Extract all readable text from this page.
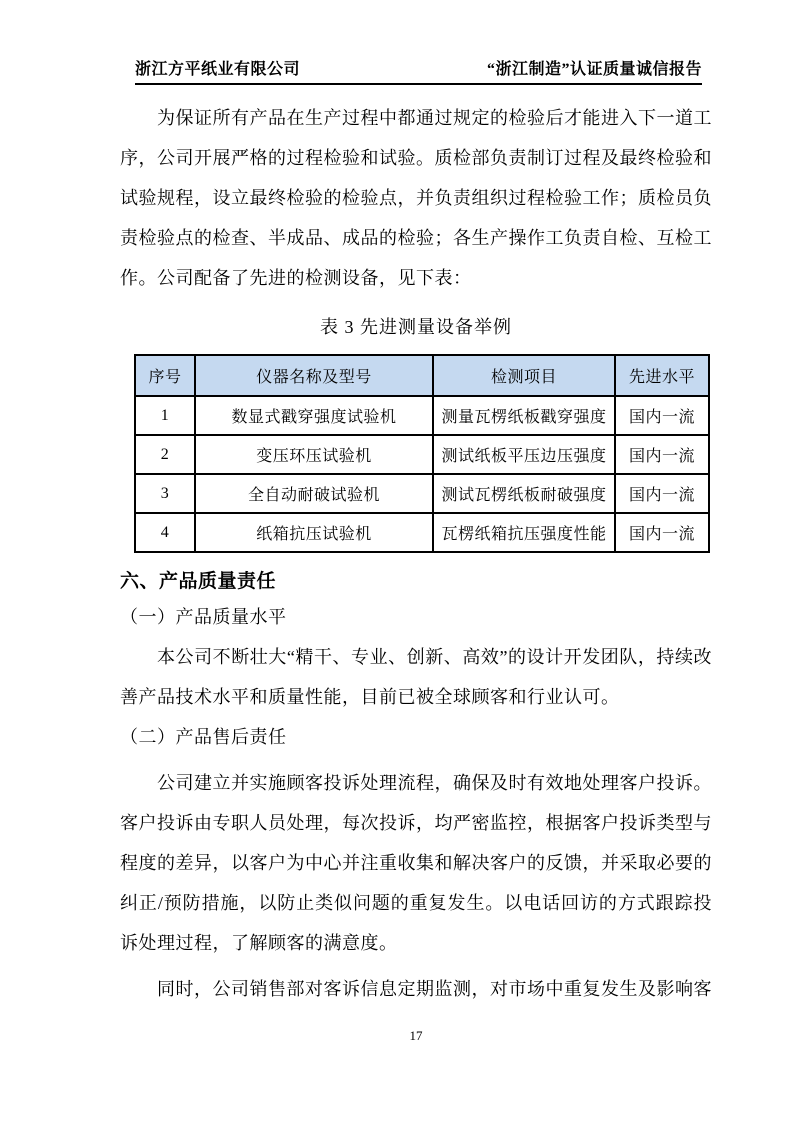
浙江方平纸业有限公司	“浙江制造”认证质量诚信报告

为保证所有产品在生产过程中都通过规定的检验后才能进入下一道工序，公司开展严格的过程检验和试验。质检部负责制订过程及最终检验和试验规程，设立最终检验的检验点，并负责组织过程检验工作；质检员负责检验点的检查、半成品、成品的检验；各生产操作工负责自检、互检工作。公司配备了先进的检测设备，见下表：

表 3 先进测量设备举例
序号	仪器名称及型号	检测项目	先进水平
1	数显式戳穿强度试验机	测量瓦楞纸板戳穿强度	国内一流
2	变压环压试验机	测试纸板平压边压强度	国内一流
3	全自动耐破试验机	测试瓦楞纸板耐破强度	国内一流
4	纸箱抗压试验机	瓦楞纸箱抗压强度性能	国内一流
六、产品质量责任
（一）产品质量水平

本公司不断壮大“精干、专业、创新、高效”的设计开发团队，持续改善产品技术水平和质量性能，目前已被全球顾客和行业认可。

（二）产品售后责任

公司建立并实施顾客投诉处理流程，确保及时有效地处理客户投诉。客户投诉由专职人员处理，每次投诉，均严密监控，根据客户投诉类型与程度的差异，以客户为中心并注重收集和解决客户的反馈，并采取必要的纠正/预防措施，以防止类似问题的重复发生。以电话回访的方式跟踪投诉处理过程，了解顾客的满意度。

同时，公司销售部对客诉信息定期监测，对市场中重复发生及影响客

17
